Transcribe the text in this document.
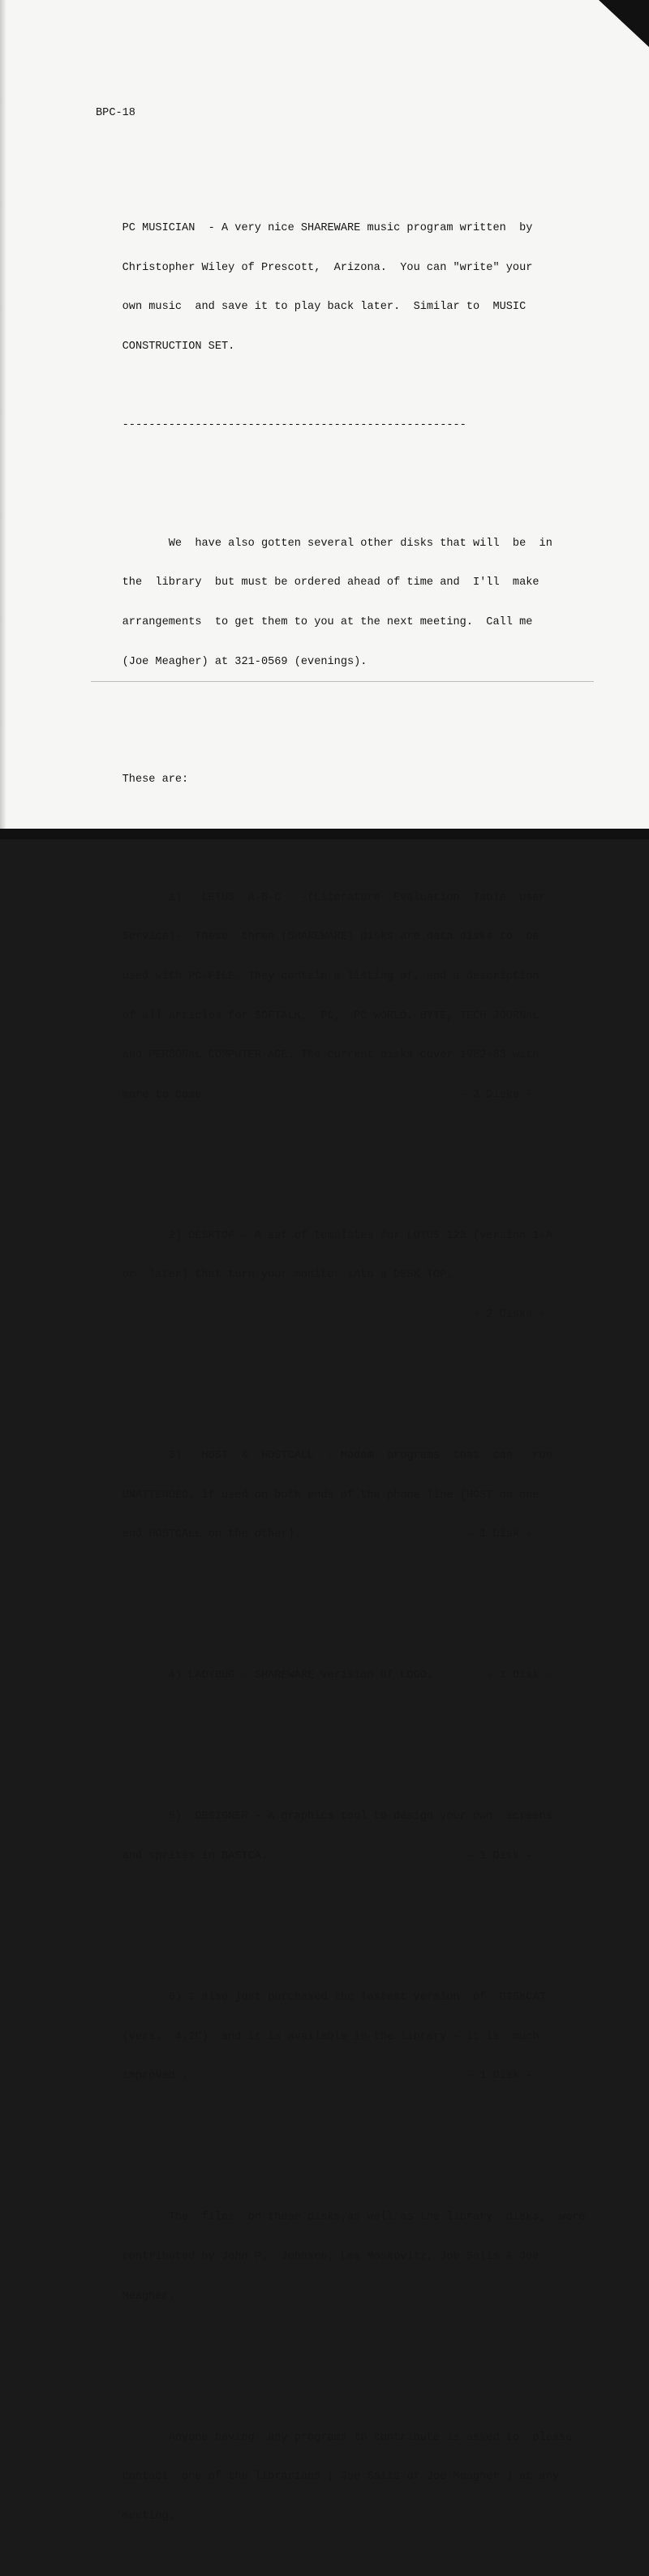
BPC-18

PC MUSICIAN  - A very nice SHAREWARE music program written  by

Christopher Wiley of Prescott,  Arizona.  You can "write" your

own music  and save it to play back later.  Similar to  MUSIC

CONSTRUCTION SET.

----------------------------------------------------

We  have also gotten several other disks that will  be  in

the  library  but must be ordered ahead of time and  I'll  make

arrangements  to get them to you at the next meeting.  Call me

(Joe Meagher) at 321-0569 (evenings).

These are:

1)   LETUS  A-B-C   -(Literature  Evaluation  Table  User

Service)-  These  three (SHAREWARE) disks are data disks to  be

used with PC-FILE. They contain a listing of, and a description

of all articles for SOFTALK,  PC,  PC WORLD, BYTE, TECH JOURNAL

and PERSONAL COMPUTER AGE. The current disks cover 1982-83 with

more to come.                                      - 3 Disks -

2) DESKTOP - A set of templates for LOTUS 123 (version 1-A

or  later) that turn your monitor into a DESK TOP.

- 2 Disks -

3)   HOST  &  HOSTCALL  - Modem  programs  that  can   run

UNATTENDED, if used on both ends of the phone line (HOST on one

end HOSTCALL on the other).                         - 1 Disk -

4) LADYBUG - SHAREWARE verision of LOGO.        - 1 Disk -

5)  DESIGNER - A graphics tool to design your own  screens

and sprites in BASICA.                              - 1 Disk -

6) I also just purchased the lastest version  of  DISKCAT

(vers.  4.2C)  and it is available in the library - it is  much

improved .                                          - 1 Disk -

The  files  on these disks,as well as the library  disks,  were

contributed by John P.  Johnson, Les Moskovitz, Joe Salis & Joe

Meagher.

Anyone having  any programs to contribute is asked to  please

contact  one of the librarians ( Joe Salis or Joe Meagher ) at any

meeting.
